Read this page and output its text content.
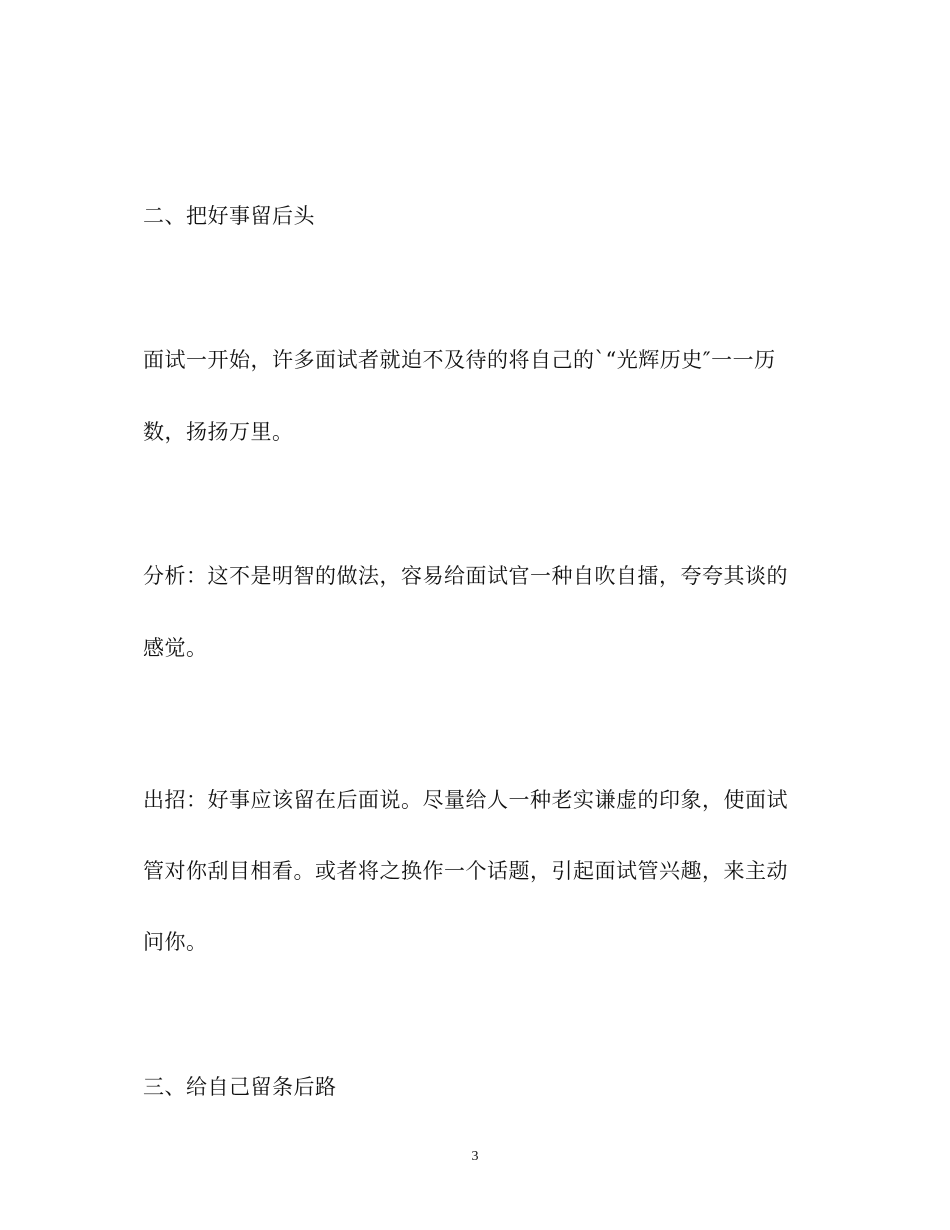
二、把好事留后头
面试一开始，许多面试者就迫不及待的将自己的`“光辉历史″一一历
数，扬扬万里。
分析：这不是明智的做法，容易给面试官一种自吹自擂，夸夸其谈的
感觉。
出招：好事应该留在后面说。尽量给人一种老实谦虚的印象，使面试
管对你刮目相看。或者将之换作一个话题，引起面试管兴趣，来主动
问你。
三、给自己留条后路
3
